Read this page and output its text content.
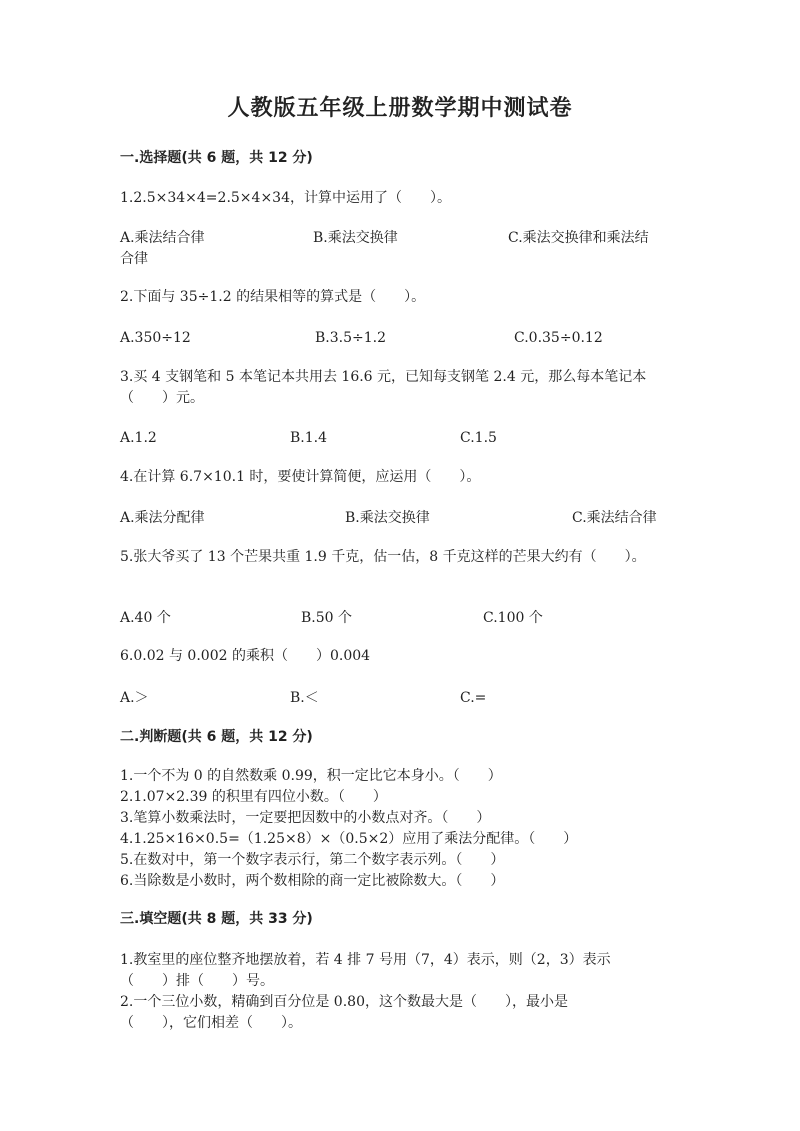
人教版五年级上册数学期中测试卷
一.选择题(共 6 题，共 12 分)
1.2.5×34×4=2.5×4×34，计算中运用了（　　）。
A.乘法结合律	B.乘法交换律	C.乘法交换律和乘法结
合律
2.下面与 35÷1.2 的结果相等的算式是（　　）。
A.350÷12	B.3.5÷1.2	C.0.35÷0.12
3.买 4 支钢笔和 5 本笔记本共用去 16.6 元，已知每支钢笔 2.4 元，那么每本笔记本（　　）元。
A.1.2	B.1.4	C.1.5
4.在计算 6.7×10.1 时，要使计算简便，应运用（　　）。
A.乘法分配律	B.乘法交换律	C.乘法结合律
5.张大爷买了 13 个芒果共重 1.9 千克，估一估，8 千克这样的芒果大约有（　　）。
A.40 个	B.50 个	C.100 个
6.0.02 与 0.002 的乘积（　　）0.004
A.＞	B.＜	C.=
二.判断题(共 6 题，共 12 分)
1.一个不为 0 的自然数乘 0.99，积一定比它本身小。（　　）
2.1.07×2.39 的积里有四位小数。（　　）
3.笔算小数乘法时，一定要把因数中的小数点对齐。（　　）
4.1.25×16×0.5=（1.25×8）×（0.5×2）应用了乘法分配律。（　　）
5.在数对中，第一个数字表示行，第二个数字表示列。（　　）
6.当除数是小数时，两个数相除的商一定比被除数大。（　　）
三.填空题(共 8 题，共 33 分)
1.教室里的座位整齐地摆放着，若 4 排 7 号用（7，4）表示，则（2，3）表示
（　　）排（　　）号。
2.一个三位小数，精确到百分位是 0.80，这个数最大是（　　），最小是
（　　），它们相差（　　）。
